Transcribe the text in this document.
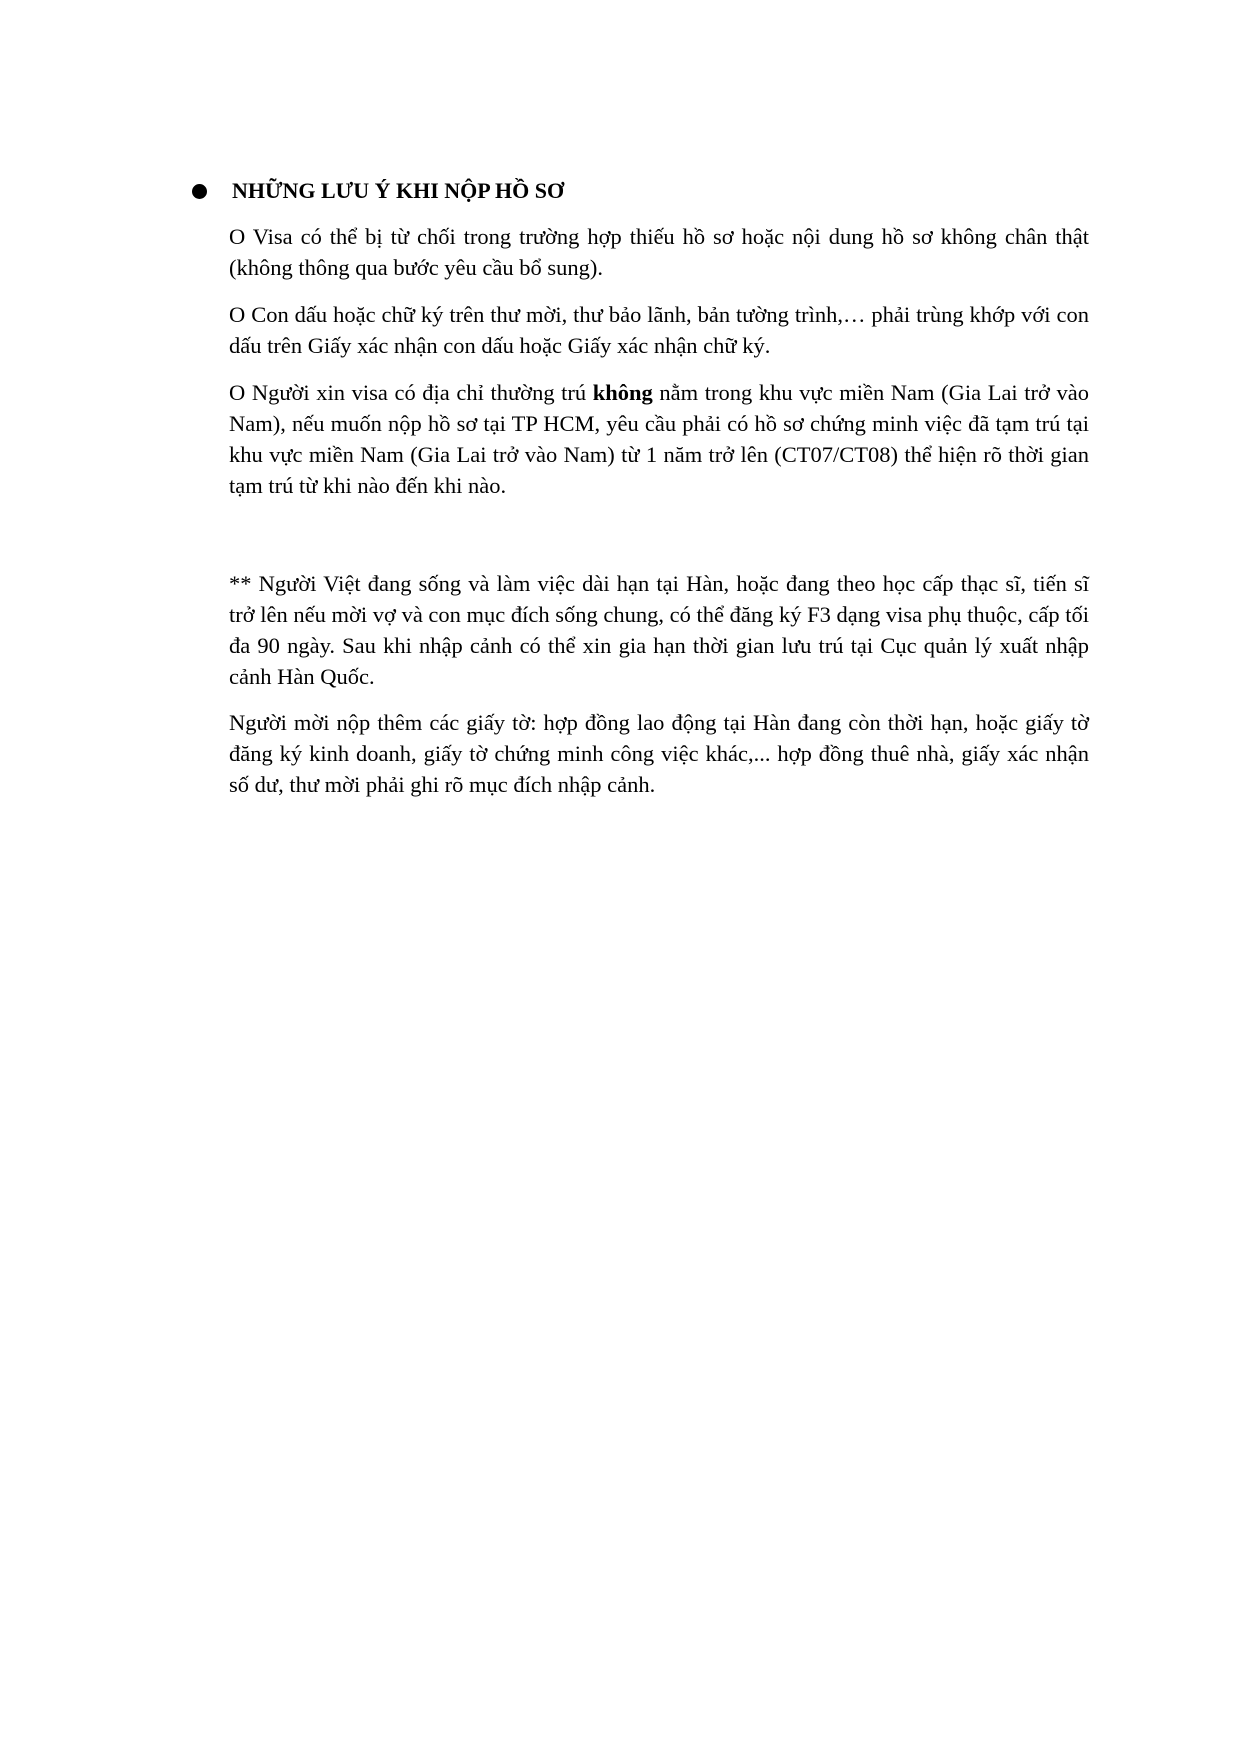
NHỮNG LƯU Ý KHI NỘP HỒ SƠ

O Visa có thể bị từ chối trong trường hợp thiếu hồ sơ hoặc nội dung hồ sơ không chân thật (không thông qua bước yêu cầu bổ sung).

O Con dấu hoặc chữ ký trên thư mời, thư bảo lãnh, bản tường trình,… phải trùng khớp với con dấu trên Giấy xác nhận con dấu hoặc Giấy xác nhận chữ ký.

O Người xin visa có địa chỉ thường trú không nằm trong khu vực miền Nam (Gia Lai trở vào Nam), nếu muốn nộp hồ sơ tại TP HCM, yêu cầu phải có hồ sơ chứng minh việc đã tạm trú tại khu vực miền Nam (Gia Lai trở vào Nam) từ 1 năm trở lên (CT07/CT08) thể hiện rõ thời gian tạm trú từ khi nào đến khi nào.

** Người Việt đang sống và làm việc dài hạn tại Hàn, hoặc đang theo học cấp thạc sĩ, tiến sĩ trở lên nếu mời vợ và con mục đích sống chung, có thể đăng ký F3 dạng visa phụ thuộc, cấp tối đa 90 ngày. Sau khi nhập cảnh có thể xin gia hạn thời gian lưu trú tại Cục quản lý xuất nhập cảnh Hàn Quốc.

Người mời nộp thêm các giấy tờ: hợp đồng lao động tại Hàn đang còn thời hạn, hoặc giấy tờ đăng ký kinh doanh, giấy tờ chứng minh công việc khác,... hợp đồng thuê nhà, giấy xác nhận số dư, thư mời phải ghi rõ mục đích nhập cảnh.
